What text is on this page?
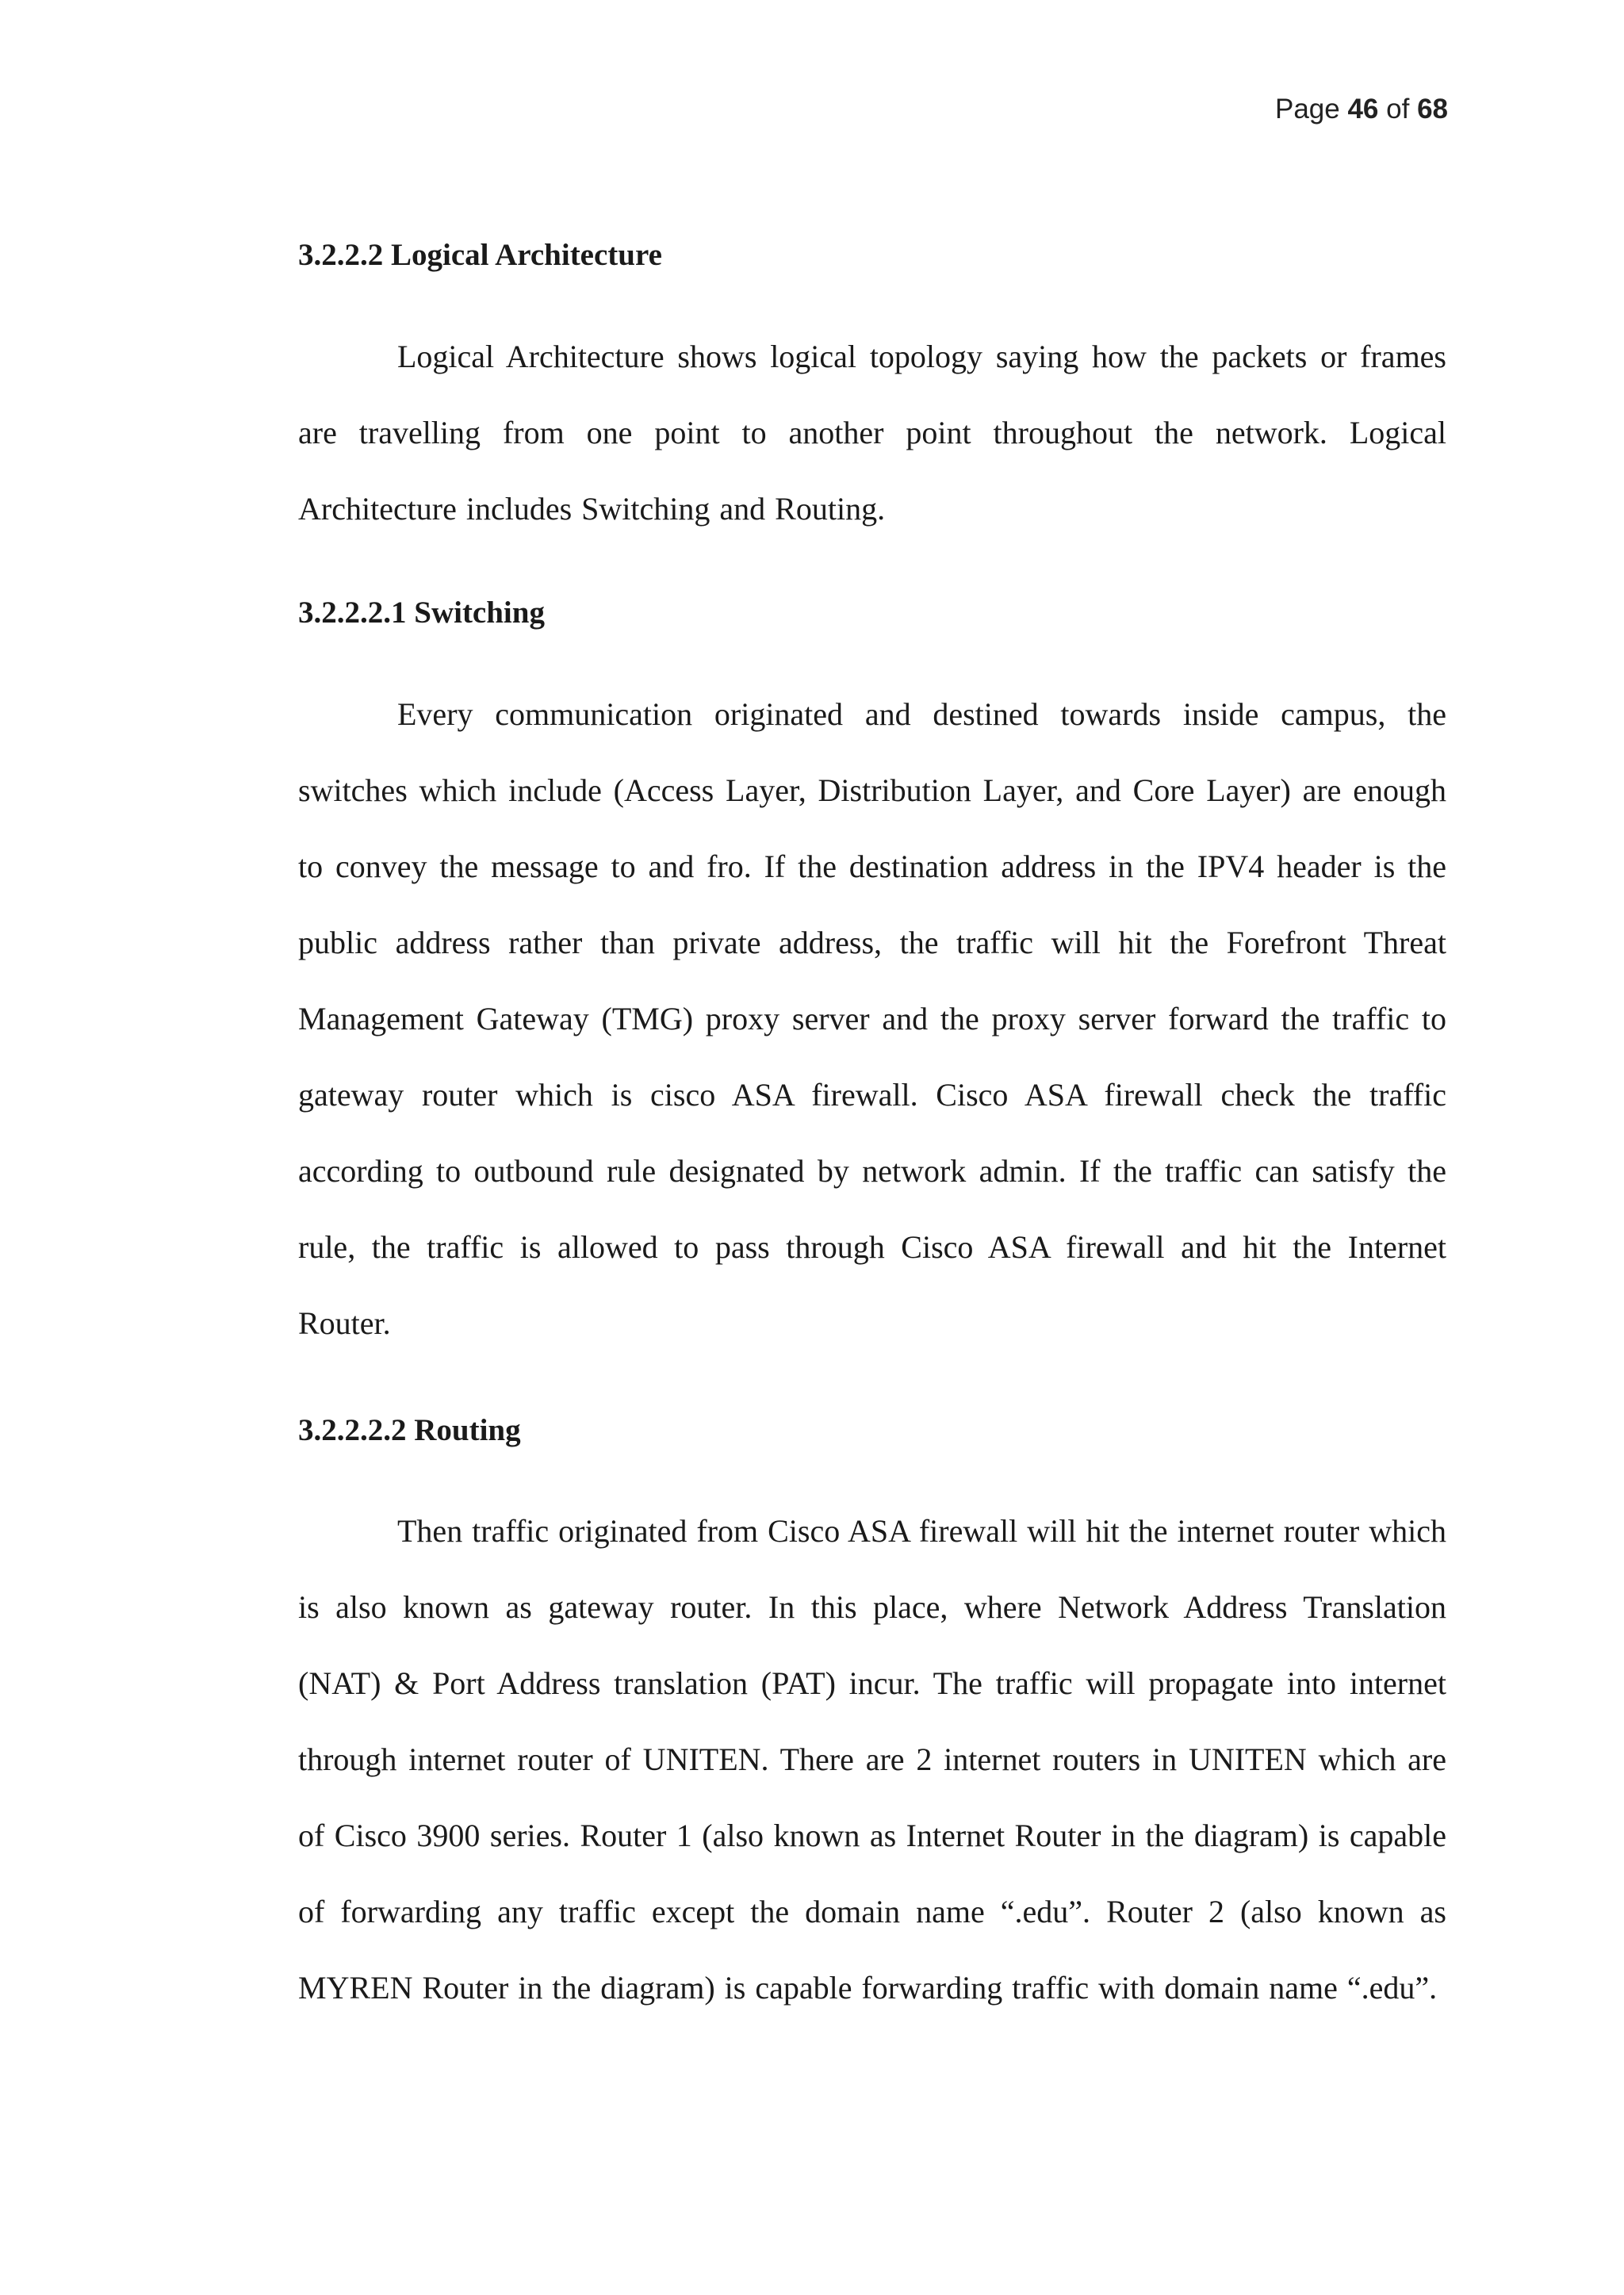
Page 46 of 68
3.2.2.2 Logical Architecture

Logical Architecture shows logical topology saying how the packets or frames are travelling from one point to another point throughout the network. Logical Architecture includes Switching and Routing.

3.2.2.2.1 Switching

Every communication originated and destined towards inside campus, the switches which include (Access Layer, Distribution Layer, and Core Layer) are enough to convey the message to and fro. If the destination address in the IPV4 header is the public address rather than private address, the traffic will hit the Forefront Threat Management Gateway (TMG) proxy server and the proxy server forward the traffic to gateway router which is cisco ASA firewall. Cisco ASA firewall check the traffic according to outbound rule designated by network admin. If the traffic can satisfy the rule, the traffic is allowed to pass through Cisco ASA firewall and hit the Internet Router.

3.2.2.2.2 Routing

Then traffic originated from Cisco ASA firewall will hit the internet router which is also known as gateway router. In this place, where Network Address Translation (NAT) & Port Address translation (PAT) incur. The traffic will propagate into internet through internet router of UNITEN. There are 2 internet routers in UNITEN which are of Cisco 3900 series. Router 1 (also known as Internet Router in the diagram) is capable of forwarding any traffic except the domain name “.edu”. Router 2 (also known as MYREN Router in the diagram) is capable forwarding traffic with domain name “.edu”.
